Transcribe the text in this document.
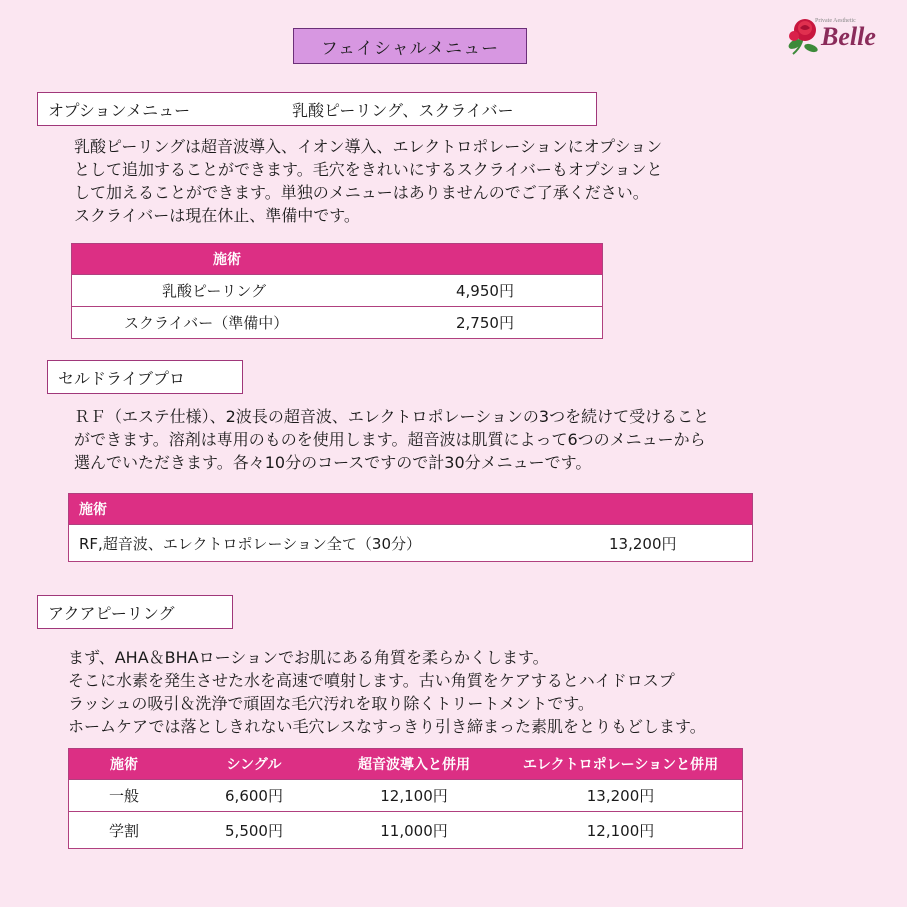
フェイシャルメニュー
Private Aesthetic
Belle
オプションメニュー	乳酸ピーリング、スクライバー
乳酸ピーリングは超音波導入、イオン導入、エレクトロポレーションにオプション
として追加することができます。毛穴をきれいにするスクライバーもオプションと
して加えることができます。単独のメニューはありませんのでご了承ください。
スクライバーは現在休止、準備中です。
施術	
乳酸ピーリング	4,950円
スクライバー（準備中）	2,750円
セルドライブプロ
ＲＦ（エステ仕様）、2波長の超音波、エレクトロポレーションの3つを続けて受けること
ができます。溶剤は専用のものを使用します。超音波は肌質によって6つのメニューから
選んでいただきます。各々10分のコースですので計30分メニューです。
施術	
RF,超音波、エレクトロポレーション全て（30分）	13,200円
アクアピーリング
まず、AHA＆BHAローションでお肌にある角質を柔らかくします。
そこに水素を発生させた水を高速で噴射します。古い角質をケアするとハイドロスプ
ラッシュの吸引＆洗浄で頑固な毛穴汚れを取り除くトリートメントです。
ホームケアでは落としきれない毛穴レスなすっきり引き締まった素肌をとりもどします。
施術	シングル	超音波導入と併用	エレクトロポレーションと併用
一般	6,600円	12,100円	13,200円
学割	5,500円	11,000円	12,100円
